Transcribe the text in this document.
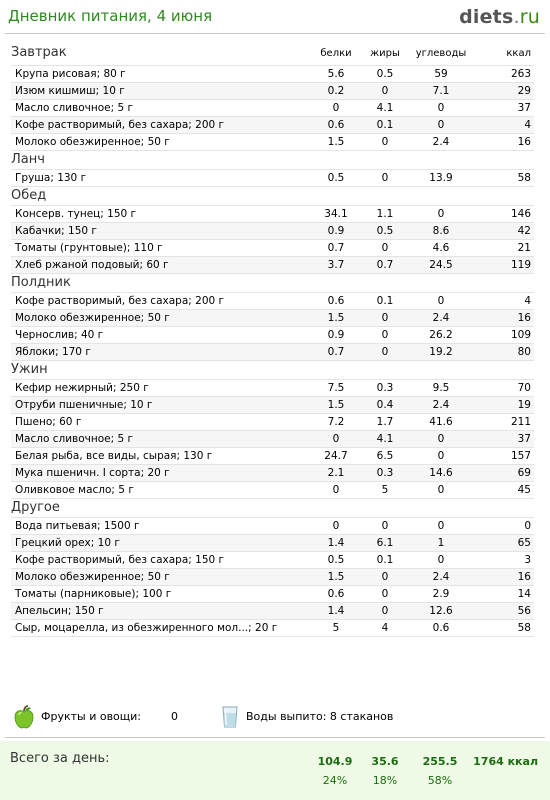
Дневник питания, 4 июня	diets.ru
Завтрак	белки	жиры	углеводы	ккал
Крупа рисовая; 80 г	5.6	0.5	59	263
Изюм кишмиш; 10 г	0.2	0	7.1	29
Масло сливочное; 5 г	0	4.1	0	37
Кофе растворимый, без сахара; 200 г	0.6	0.1	0	4
Молоко обезжиренное; 50 г	1.5	0	2.4	16
Ланч
Груша; 130 г	0.5	0	13.9	58
Обед
Консерв. тунец; 150 г	34.1	1.1	0	146
Кабачки; 150 г	0.9	0.5	8.6	42
Томаты (грунтовые); 110 г	0.7	0	4.6	21
Хлеб ржаной подовый; 60 г	3.7	0.7	24.5	119
Полдник
Кофе растворимый, без сахара; 200 г	0.6	0.1	0	4
Молоко обезжиренное; 50 г	1.5	0	2.4	16
Чернослив; 40 г	0.9	0	26.2	109
Яблоки; 170 г	0.7	0	19.2	80
Ужин
Кефир нежирный; 250 г	7.5	0.3	9.5	70
Отруби пшеничные; 10 г	1.5	0.4	2.4	19
Пшено; 60 г	7.2	1.7	41.6	211
Масло сливочное; 5 г	0	4.1	0	37
Белая рыба, все виды, сырая; 130 г	24.7	6.5	0	157
Мука пшеничн. I сорта; 20 г	2.1	0.3	14.6	69
Оливковое масло; 5 г	0	5	0	45
Другое
Вода питьевая; 1500 г	0	0	0	0
Грецкий орех; 10 г	1.4	6.1	1	65
Кофе растворимый, без сахара; 150 г	0.5	0.1	0	3
Молоко обезжиренное; 50 г	1.5	0	2.4	16
Томаты (парниковые); 100 г	0.6	0	2.9	14
Апельсин; 150 г	1.4	0	12.6	56
Сыр, моцарелла, из обезжиренного мол...; 20 г	5	4	0.6	58
Фрукты и овощи:	0	Воды выпито: 8 стаканов
Всего за день:	104.9	35.6	255.5	1764 ккал
24%	18%	58%
